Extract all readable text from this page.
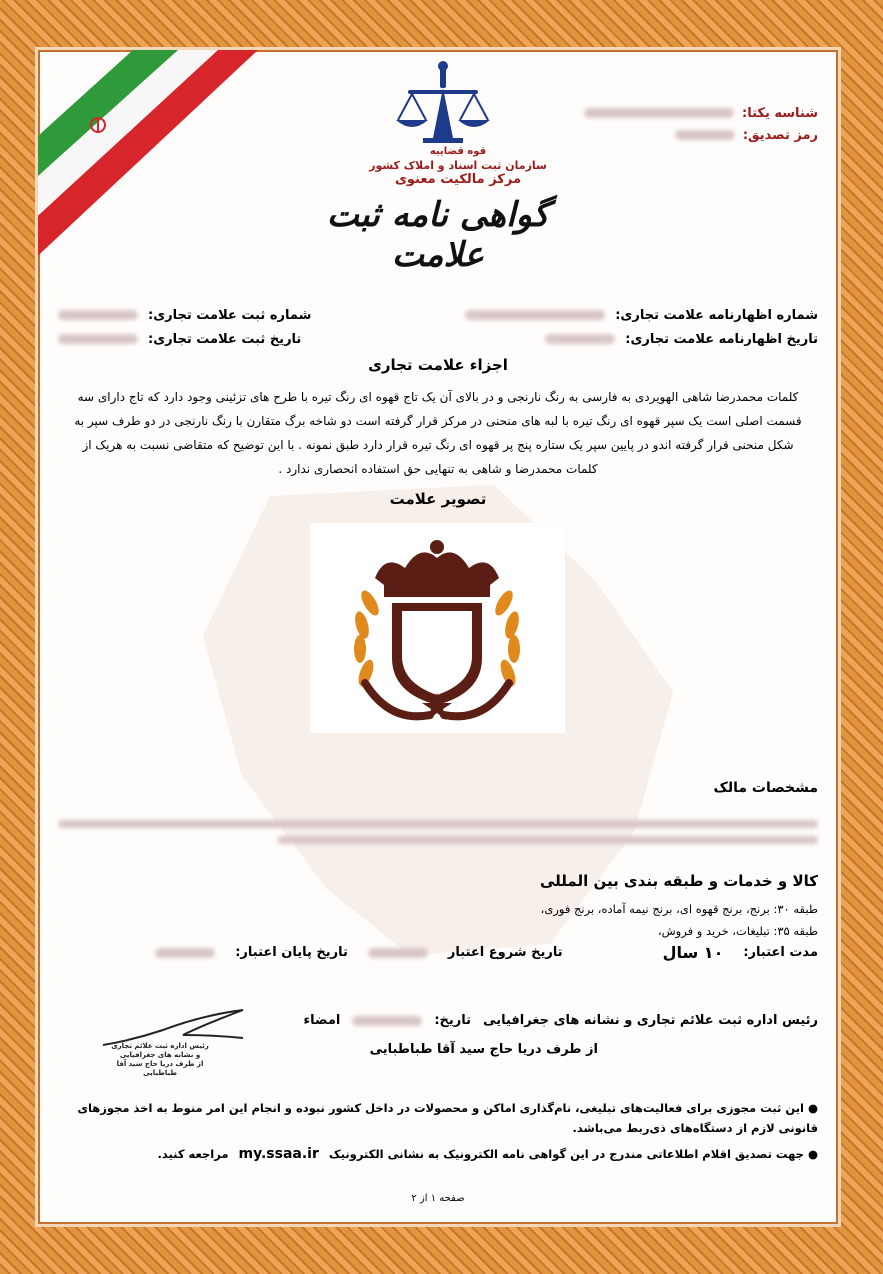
قوه قضاییه
سازمان ثبت اسناد و املاک کشور
مرکز مالکیت معنوی
گواهی نامه ثبت علامت
شناسه یکتا:
رمز تصدیق:
شماره اظهارنامه علامت تجاری:
شماره ثبت علامت تجاری:
تاریخ اظهارنامه علامت تجاری:
تاریخ ثبت علامت تجاری:
اجزاء علامت تجاری
کلمات محمدرضا شاهی الهویردی به فارسی به رنگ نارنجی و در بالای آن یک تاج قهوه ای رنگ تیره با طرح های تزئینی وجود دارد که تاج دارای سه قسمت اصلی است یک سپر قهوه ای رنگ تیره با لبه های منحنی در مرکز قرار گرفته است دو شاخه برگ متقارن با رنگ نارنجی در دو طرف سپر به شکل منحنی قرار گرفته اندو در پایین سپر یک ستاره پنج پر قهوه ای رنگ تیره قرار دارد طبق نمونه . با این توضیح که متقاضی نسبت به هریک از کلمات محمدرضا و شاهی به تنهایی حق استفاده انحصاری ندارد .
تصویر علامت
مشخصات مالک
کالا و خدمات و طبقه بندی بین المللی
طبقه ۳۰: برنج، برنج قهوه ای، برنج نیمه آماده، برنج فوری،
طبقه ۳۵: تبلیغات، خرید و فروش،
مدت اعتبار:
۱۰ سال
تاریخ شروع اعتبار
تاریخ پایان اعتبار:
رئیس اداره ثبت علائم تجاری و نشانه های جغرافیایی
تاریخ:
امضاء
از طرف دریا حاج سید آقا طباطبایی
رئیس اداره ثبت علائم تجاری
و نشانه های جغرافیایی
از طرف دریا حاج سید آقا طباطبایی
● این ثبت مجوزی برای فعالیت‌های تبلیغی، نام‌گذاری اماکن و محصولات در داخل کشور نبوده و انجام این امر منوط به اخذ مجوزهای قانونی لازم از دستگاه‌های ذی‌ربط می‌باشد.
● جهت تصدیق اقلام اطلاعاتی مندرج در این گواهی نامه الکترونیک به نشانی الکترونیک my.ssaa.ir مراجعه کنید.
صفحه ۱ از ۲
